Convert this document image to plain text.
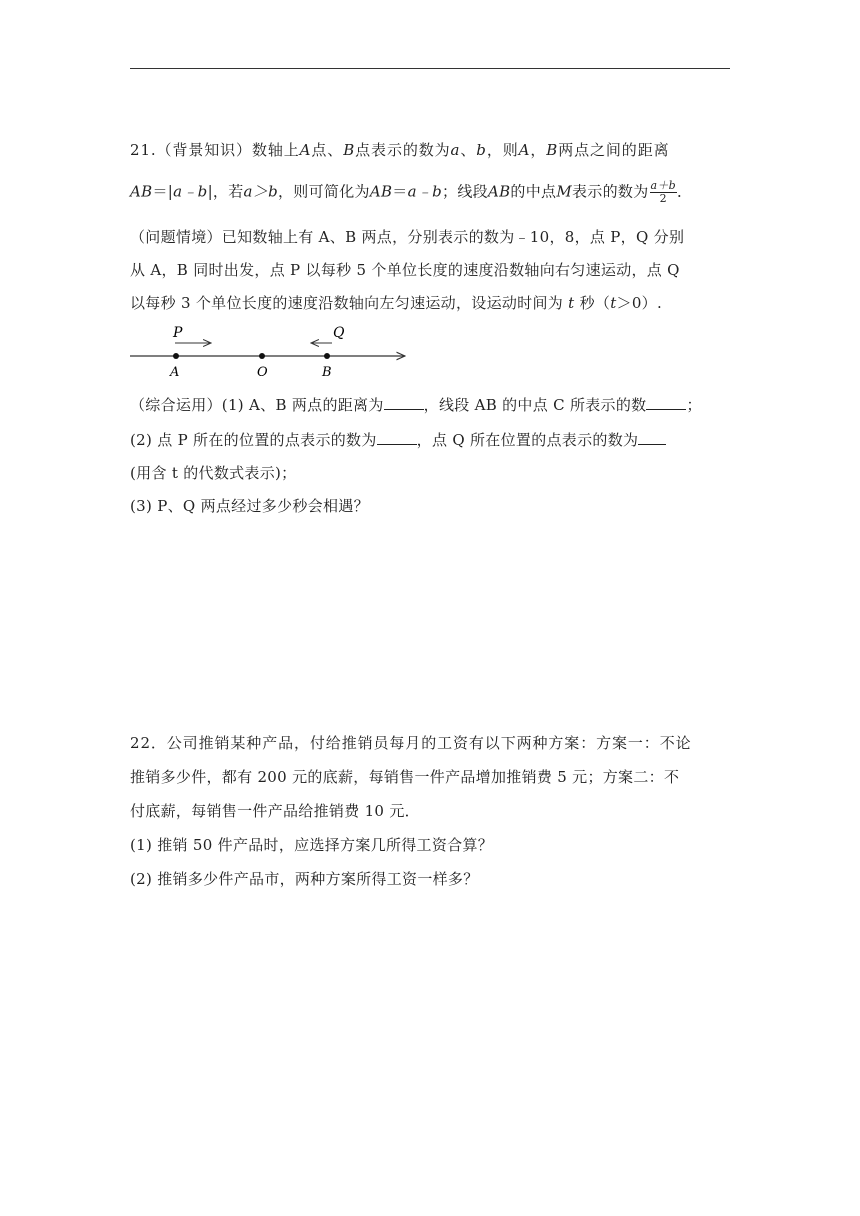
21.（背景知识）数轴上A点、B点表示的数为a、b，则A，B两点之间的距离
AB＝|a﹣b|，若a＞b，则可简化为AB＝a﹣b；线段AB的中点M表示的数为 $\frac{a+b}{2}$ ．
（问题情境）已知数轴上有 A、B 两点，分别表示的数为﹣10，8，点 P，Q 分别
从 A，B 同时出发，点 P 以每秒 5 个单位长度的速度沿数轴向右匀速运动，点 Q
以每秒 3 个单位长度的速度沿数轴向左匀速运动，设运动时间为 t 秒（t＞0）.
P	Q
A	O	B
（综合运用）(1) A、B 两点的距离为	，线段 AB 的中点 C 所表示的数	；
(2) 点 P 所在的位置的点表示的数为	，点 Q 所在位置的点表示的数为
(用含 t 的代数式表示)；
(3) P、Q 两点经过多少秒会相遇？
22．公司推销某种产品，付给推销员每月的工资有以下两种方案：方案一：不论
推销多少件，都有 200 元的底薪，每销售一件产品增加推销费 5 元；方案二：不
付底薪，每销售一件产品给推销费 10 元．
(1) 推销 50 件产品时，应选择方案几所得工资合算？
(2) 推销多少件产品市，两种方案所得工资一样多？
